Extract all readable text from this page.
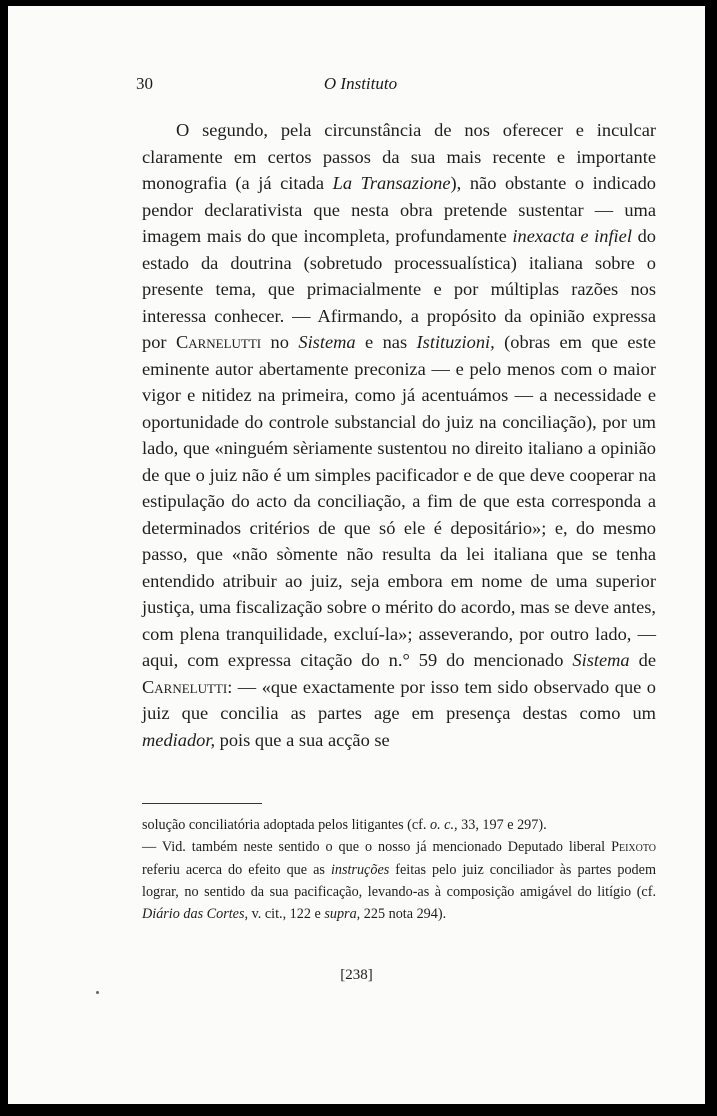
30	O Instituto

O segundo, pela circunstância de nos oferecer e inculcar claramente em certos passos da sua mais recente e importante monografia (a já citada La Transazione), não obstante o indicado pendor declarativista que nesta obra pretende sustentar — uma imagem mais do que incompleta, profundamente inexacta e infiel do estado da doutrina (sobretudo processualística) italiana sobre o presente tema, que primacialmente e por múltiplas razões nos interessa conhecer. — Afirmando, a propósito da opinião expressa por Carnelutti no Sistema e nas Istituzioni, (obras em que este eminente autor abertamente preconiza — e pelo menos com o maior vigor e nitidez na primeira, como já acentuámos — a necessidade e oportunidade do controle substancial do juiz na conciliação), por um lado, que «ninguém sèriamente sustentou no direito italiano a opinião de que o juiz não é um simples pacificador e de que deve cooperar na estipulação do acto da conciliação, a fim de que esta corresponda a determinados critérios de que só ele é depositário»; e, do mesmo passo, que «não sòmente não resulta da lei italiana que se tenha entendido atribuir ao juiz, seja embora em nome de uma superior justiça, uma fiscalização sobre o mérito do acordo, mas se deve antes, com plena tranquilidade, excluí-la»; asseverando, por outro lado, — aqui, com expressa citação do n.° 59 do mencionado Sistema de Carnelutti: — «que exactamente por isso tem sido observado que o juiz que concilia as partes age em presença destas como um mediador, pois que a sua acção se

solução conciliatória adoptada pelos litigantes (cf. o. c., 33, 197 e 297).
— Vid. também neste sentido o que o nosso já mencionado Deputado liberal Peixoto referiu acerca do efeito que as instruções feitas pelo juiz conciliador às partes podem lograr, no sentido da sua pacificação, levando-as à composição amigável do litígio (cf. Diário das Cortes, v. cit., 122 e supra, 225 nota 294).

[238]
